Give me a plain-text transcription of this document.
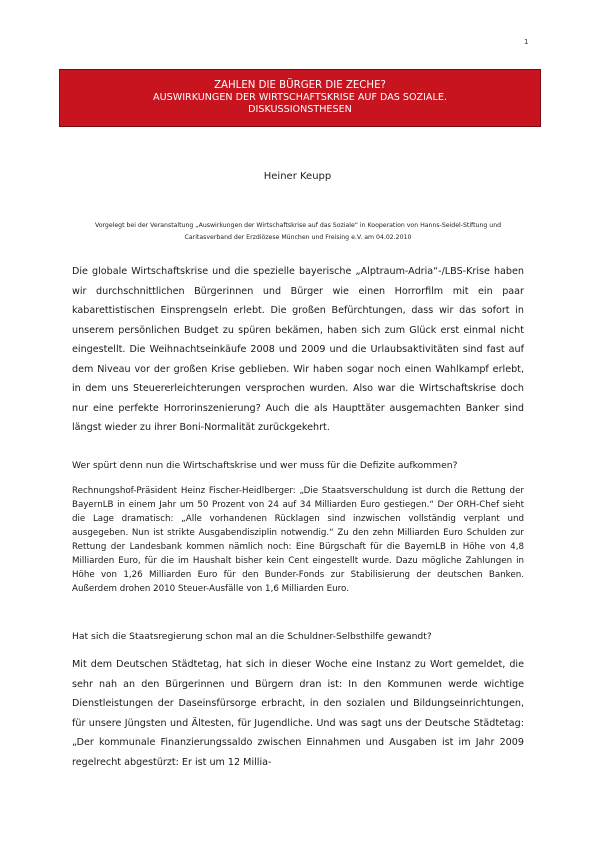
1
ZAHLEN DIE BÜRGER DIE ZECHE?
AUSWIRKUNGEN DER WIRTSCHAFTSKRISE AUF DAS SOZIALE.
DISKUSSIONSTHESEN
Heiner Keupp
Vorgelegt bei der Veranstaltung „Auswirkungen der Wirtschaftskrise auf das Soziale“ in Kooperation von Hanns-Seidel-Stiftung und Caritasverband der Erzdiözese München und Freising e.V. am 04.02.2010
Die globale Wirtschaftskrise und die spezielle bayerische „Alptraum-Adria“-/LBS-Krise haben wir durchschnittlichen Bürgerinnen und Bürger wie einen Horrorfilm mit ein paar kabarettistischen Einsprengseln erlebt. Die großen Befürchtungen, dass wir das sofort in unserem persönlichen Budget zu spüren bekämen, haben sich zum Glück erst einmal nicht eingestellt. Die Weihnachtseinkäufe 2008 und 2009 und die Urlaubsaktivitäten sind fast auf dem Niveau vor der großen Krise geblieben. Wir haben sogar noch einen Wahlkampf erlebt, in dem uns Steuererleichterungen versprochen wurden. Also war die Wirtschaftskrise doch nur eine perfekte Horrorinszenierung? Auch die als Haupttäter ausgemachten Banker sind längst wieder zu ihrer Boni-Normalität zurückgekehrt.
Wer spürt denn nun die Wirtschaftskrise und wer muss für die Defizite aufkommen?
Rechnungshof-Präsident Heinz Fischer-Heidlberger: „Die Staatsverschuldung ist durch die Rettung der BayernLB in einem Jahr um 50 Prozent von 24 auf 34 Milliarden Euro gestiegen.“ Der ORH-Chef sieht die Lage dramatisch: „Alle vorhandenen Rücklagen sind inzwischen vollständig verplant und ausgegeben. Nun ist strikte Ausgabendisziplin notwendig.“ Zu den zehn Milliarden Euro Schulden zur Rettung der Landesbank kommen nämlich noch: Eine Bürgschaft für die BayernLB in Höhe von 4,8 Milliarden Euro, für die im Haushalt bisher kein Cent eingestellt wurde. Dazu mögliche Zahlungen in Höhe von 1,26 Milliarden Euro für den Bunder-Fonds zur Stabilisierung der deutschen Banken. Außerdem drohen 2010 Steuer-Ausfälle von 1,6 Milliarden Euro.
Hat sich die Staatsregierung schon mal an die Schuldner-Selbsthilfe gewandt?
Mit dem Deutschen Städtetag, hat sich in dieser Woche eine Instanz zu Wort gemeldet, die sehr nah an den Bürgerinnen und Bürgern dran ist: In den Kommunen werde wichtige Dienstleistungen der Daseinsfürsorge erbracht, in den sozialen und Bildungseinrichtungen, für unsere Jüngsten und Ältesten, für Jugendliche. Und was sagt uns der Deutsche Städtetag: „Der kommunale Finanzierungssaldo zwischen Einnahmen und Ausgaben ist im Jahr 2009 regelrecht abgestürzt: Er ist um 12 Millia-
